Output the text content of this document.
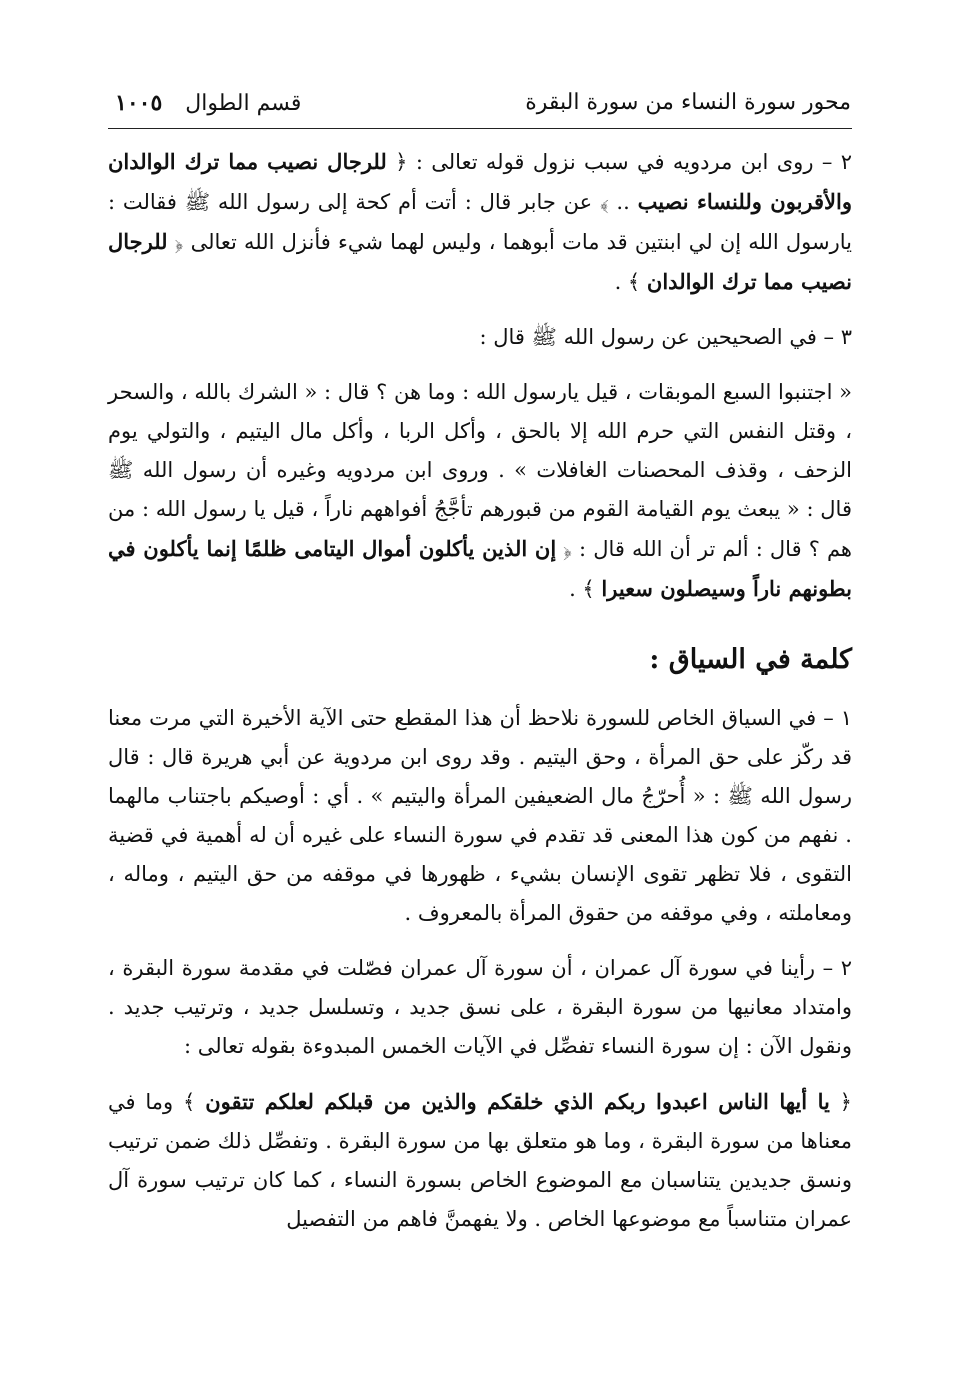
محور سورة النساء من سورة البقرة
قسم الطوال ١٠٠٥

٢ – روى ابن مردويه في سبب نزول قوله تعالى : ﴿ للرجال نصيب مما ترك الوالدان والأقربون وللنساء نصيب .. ﴾ عن جابر قال : أتت أم كحة إلى رسول الله ﷺ فقالت : يارسول الله إن لي ابنتين قد مات أبوهما ، وليس لهما شيء فأنزل الله تعالى ﴿ للرجال نصيب مما ترك الوالدان ﴾ .

٣ – في الصحيحين عن رسول الله ﷺ قال :

« اجتنبوا السبع الموبقات ، قيل يارسول الله : وما هن ؟ قال : « الشرك بالله ، والسحر ، وقتل النفس التي حرم الله إلا بالحق ، وأكل الربا ، وأكل مال اليتيم ، والتولي يوم الزحف ، وقذف المحصنات الغافلات » . وروى ابن مردويه وغيره أن رسول الله ﷺ قال : « يبعث يوم القيامة القوم من قبورهم تأجَّجُ أفواههم ناراً ، قيل يا رسول الله : من هم ؟ قال : ألم تر أن الله قال : ﴿ إن الذين يأكلون أموال اليتامى ظلمًا إنما يأكلون في بطونهم ناراً وسيصلون سعيرا ﴾ .

كلمة في السياق :

١ – في السياق الخاص للسورة نلاحظ أن هذا المقطع حتى الآية الأخيرة التي مرت معنا قد ركّز على حق المرأة ، وحق اليتيم . وقد روى ابن مردوية عن أبي هريرة قال : قال رسول الله ﷺ : « أُحرّجُ مال الضعيفين المرأة واليتيم » . أي : أوصيكم باجتناب مالهما . نفهم من كون هذا المعنى قد تقدم في سورة النساء على غيره أن له أهمية في قضية التقوى ، فلا تظهر تقوى الإنسان بشيء ، ظهورها في موقفه من حق اليتيم ، وماله ، ومعاملته ، وفي موقفه من حقوق المرأة بالمعروف .

٢ – رأينا في سورة آل عمران ، أن سورة آل عمران فصّلت في مقدمة سورة البقرة ، وامتداد معانيها من سورة البقرة ، على نسق جديد ، وتسلسل جديد ، وترتيب جديد . ونقول الآن : إن سورة النساء تفصِّل في الآيات الخمس المبدوءة بقوله تعالى :

﴿ يا أيها الناس اعبدوا ربكم الذي خلقكم والذين من قبلكم لعلكم تتقون ﴾ وما في معناها من سورة البقرة ، وما هو متعلق بها من سورة البقرة . وتفصِّل ذلك ضمن ترتيب ونسق جديدين يتناسبان مع الموضوع الخاص بسورة النساء ، كما كان ترتيب سورة آل عمران متناسباً مع موضوعها الخاص . ولا يفهمنَّ فاهم من التفصيل
